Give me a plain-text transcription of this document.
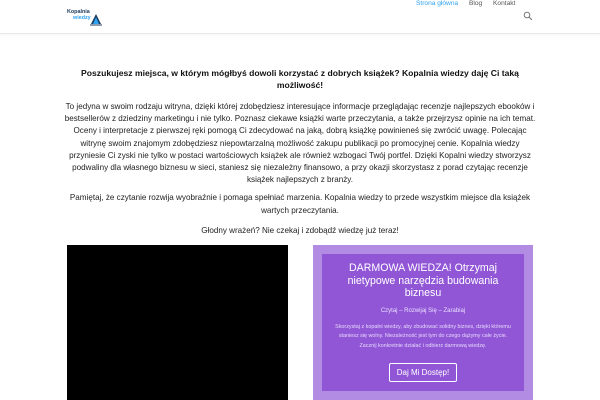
Kopalnia
wiedzy
Strona główna Blog Kontakt
Poszukujesz miejsca, w którym mógłbyś dowoli korzystać z dobrych książek? Kopalnia wiedzy daję Ci taką możliwość!
To jedyna w swoim rodzaju witryna, dzięki której zdobędziesz interesujące informacje przeglądając recenzje najlepszych ebooków i bestsellerów z dziedziny marketingu i nie tylko. Poznasz ciekawe książki warte przeczytania, a także przejrzysz opinie na ich temat. Oceny i interpretacje z pierwszej ręki pomogą Ci zdecydować na jaką, dobrą książkę powinieneś się zwrócić uwagę. Polecając witrynę swoim znajomym zdobędziesz niepowtarzalną możliwość zakupu publikacji po promocyjnej cenie. Kopalnia wiedzy przyniesie Ci zyski nie tylko w postaci wartościowych książek ale również wzbogaci Twój portfel. Dzięki Kopalni wiedzy stworzysz podwaliny dla własnego biznesu w sieci, staniesz się niezależny finansowo, a przy okazji skorzystasz z porad czytając recenzje książek najlepszych z branży.
Pamiętaj, że czytanie rozwija wyobraźnie i pomaga spełniać marzenia. Kopalnia wiedzy to przede wszystkim miejsce dla książek wartych przeczytania.
Głodny wrażeń? Nie czekaj i zdobądź wiedzę już teraz!
DARMOWA WIEDZA! Otrzymaj nietypowe narzędzia budowania biznesu
Czytaj – Rozwijaj Się – Zarabiaj
Skorzystaj z kopalni wiedzy, aby zbudować solidny biznes, dzięki któremu staniesz się wolny. Niezależność jest tym do czego dążymy całe życie. Zacznij konkretnie działać i odbierz darmową wiedzę.
Daj Mi Dostęp!
